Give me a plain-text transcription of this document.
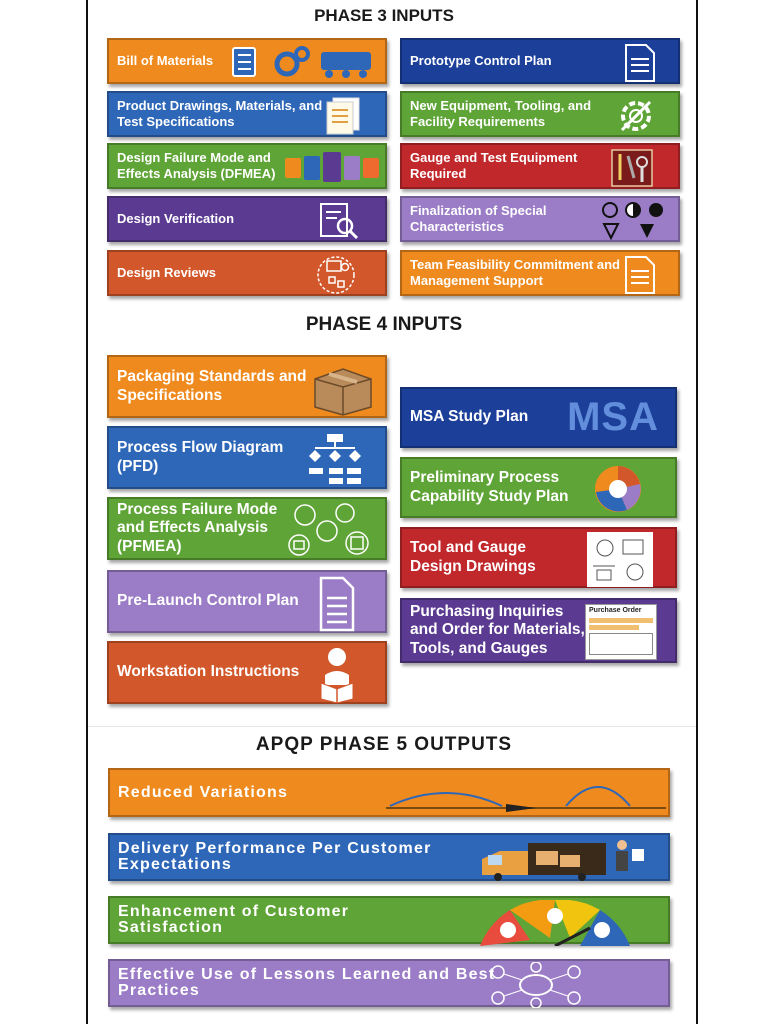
PHASE 3 INPUTS
Bill of Materials
Product Drawings, Materials, and Test Specifications
Design Failure Mode and Effects Analysis (DFMEA)
Design Verification
Design Reviews
Prototype Control Plan
New Equipment, Tooling, and Facility Requirements
Gauge and Test Equipment Required
Finalization of Special Characteristics
Team Feasibility Commitment and Management Support
PHASE 4 INPUTS
Packaging Standards and Specifications
Process Flow Diagram (PFD)
Process Failure Mode and Effects Analysis (PFMEA)
Pre-Launch Control Plan
Workstation Instructions
MSA Study Plan MSA
Preliminary Process Capability Study Plan
Tool and Gauge Design Drawings
Purchasing Inquiries and Order for Materials, Tools, and Gauges
Purchase Order
APQP PHASE 5 OUTPUTS
Reduced Variations
Delivery Performance Per Customer Expectations
Enhancement of Customer Satisfaction
Effective Use of Lessons Learned and Best Practices
